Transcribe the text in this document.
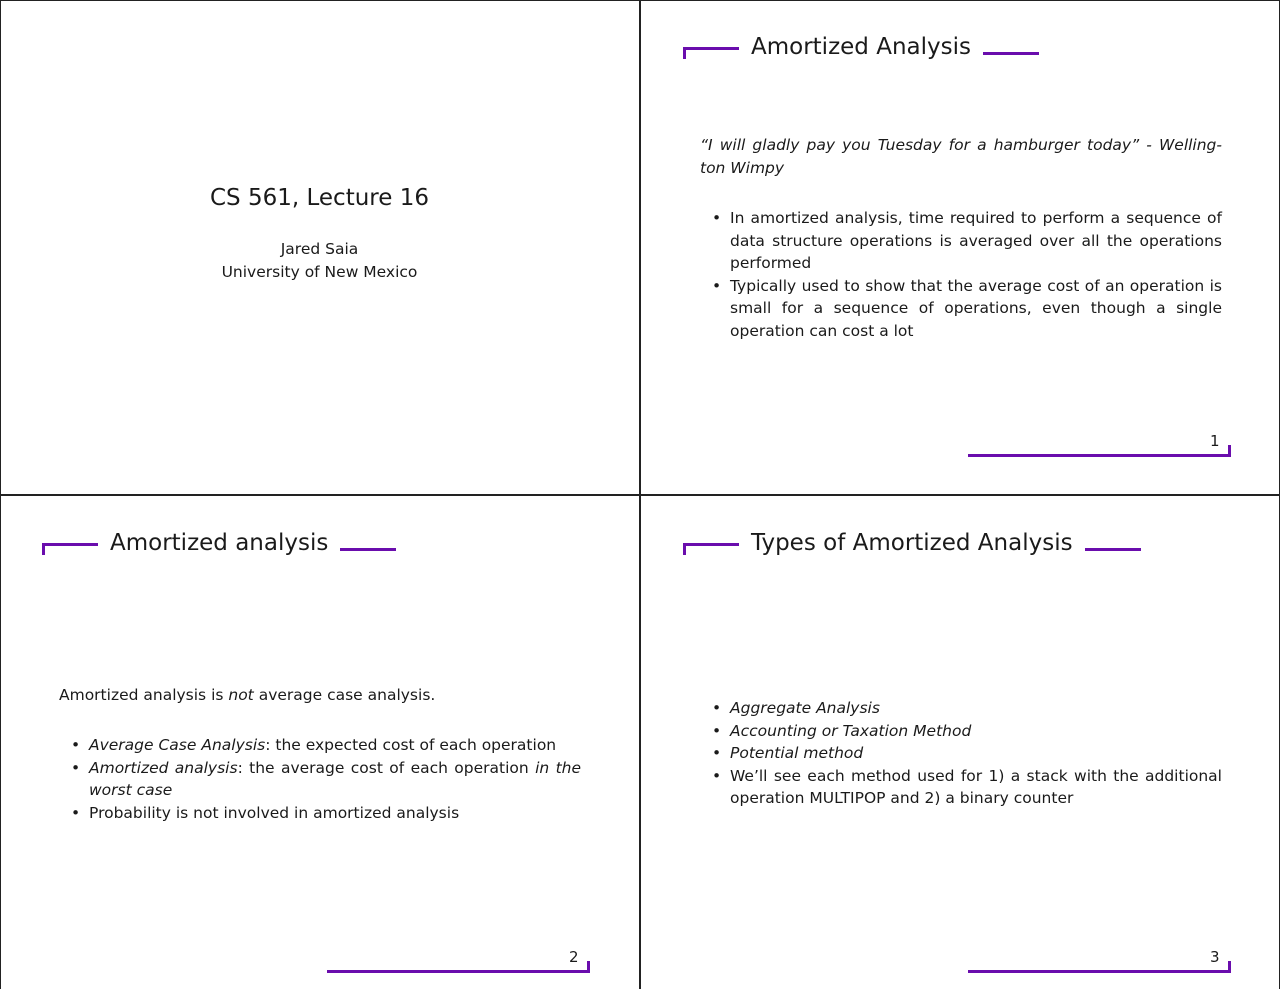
CS 561, Lecture 16
Jared Saia
University of New Mexico
Amortized Analysis
“I will gladly pay you Tuesday for a hamburger today” - Welling-ton Wimpy
• In amortized analysis, time required to perform a sequence of data structure operations is averaged over all the operations performed
• Typically used to show that the average cost of an operation is small for a sequence of operations, even though a single operation can cost a lot
1
Amortized analysis
Amortized analysis is not average case analysis.
• Average Case Analysis: the expected cost of each operation
• Amortized analysis: the average cost of each operation in the worst case
• Probability is not involved in amortized analysis
2
Types of Amortized Analysis
• Aggregate Analysis
• Accounting or Taxation Method
• Potential method
• We’ll see each method used for 1) a stack with the additional operation MULTIPOP and 2) a binary counter
3
